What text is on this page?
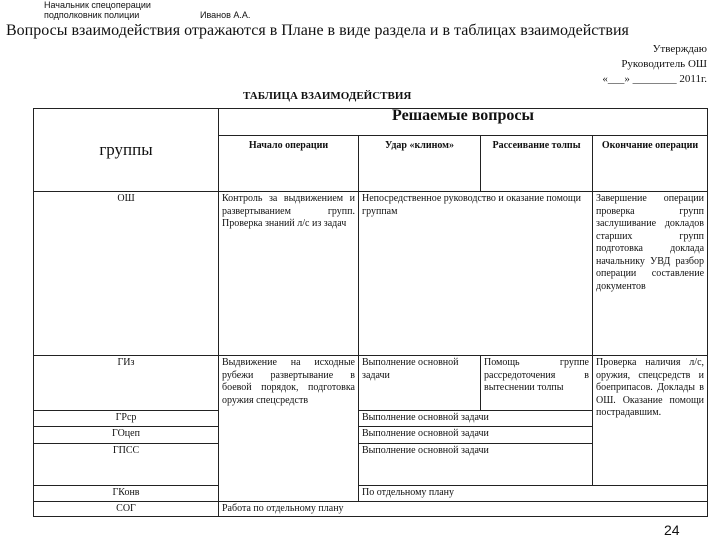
Начальник спецоперации
подполковник полиции	Иванов А.А.
Вопросы взаимодействия отражаются в Плане в виде раздела и в таблицах взаимодействия
Утверждаю
Руководитель ОШ
«___» ________ 2011г.
ТАБЛИЦА ВЗАИМОДЕЙСТВИЯ
группы	Решаемые вопросы			
	Начало операции	Удар «клином»	Рассеивание толпы	Окончание операции
ОШ	Контроль за выдвижением и развертыванием групп. Проверка знаний л/с из задач	Непосредственное руководство и оказание помощи группам		Завершение операции проверка групп заслушивание докладов старших групп подготовка доклада начальнику УВД разбор операции составление документов
ГИз	Выдвижение на исходные рубежи развертывание в боевой порядок, подготовка оружия спецсредств	Выполнение основной задачи	Помощь группе рассредоточения в вытеснении толпы	Проверка наличия л/с, оружия, спецсредств и боеприпасов. Доклады в ОШ. Оказание помощи пострадавшим.
ГРср		Выполнение основной задачи		
ГОцеп		Выполнение основной задачи		
ГПСС		Выполнение основной задачи		
ГКонв		По отдельному плану		
СОГ	Работа по отдельному плану			
24
